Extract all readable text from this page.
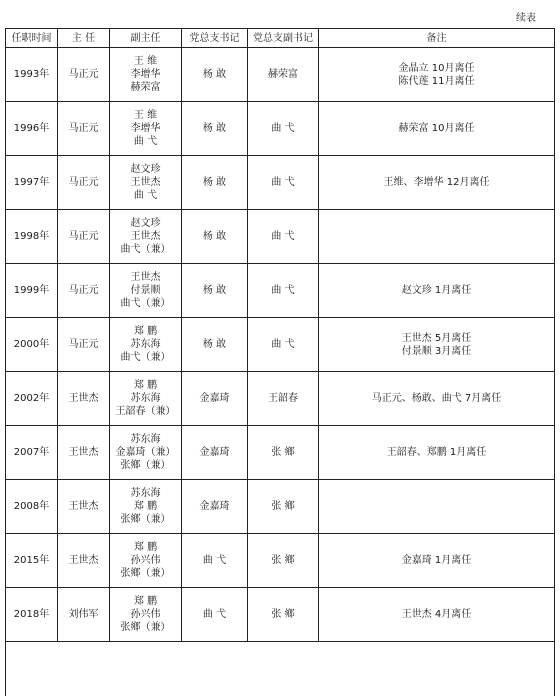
续表
任职时间	主 任	副主任	党总支书记	党总支副书记	备注
1993年	马正元	王 维
李增华
赫荣富	杨 敢	赫荣富	金晶立 10月离任
陈代莲 11月离任

1996年	马正元	王 维
李增华
曲 弋	杨 敢	曲 弋	赫荣富 10月离任

1997年	马正元	赵文珍
王世杰
曲 弋	杨 敢	曲 弋	王维、李增华 12月离任

1998年	马正元	赵文珍
王世杰
曲弋（兼）	杨 敢	曲 弋	
1999年	马正元	王世杰
付景顺
曲弋（兼）	杨 敢	曲 弋	赵文珍 1月离任

2000年	马正元	郑 鹏
苏东海
曲弋（兼）	杨 敢	曲 弋	王世杰 5月离任
付景顺 3月离任

2002年	王世杰	郑 鹏
苏东海
王韶春（兼）	金嘉琦	王韶春	马正元、杨敢、曲弋 7月离任

2007年	王世杰	苏东海
金嘉琦（兼）
张鄉（兼）	金嘉琦	张 鄉	王韶春、郑鹏 1月离任

2008年	王世杰	苏东海
郑 鹏
张鄉（兼）	金嘉琦	张 鄉	
2015年	王世杰	郑 鹏
孙兴伟
张鄉（兼）	曲 弋	张 鄉	金嘉琦 1月离任

2018年	刘伟军	郑 鹏
孙兴伟
张鄉（兼）	曲 弋	张 鄉	王世杰 4月离任
